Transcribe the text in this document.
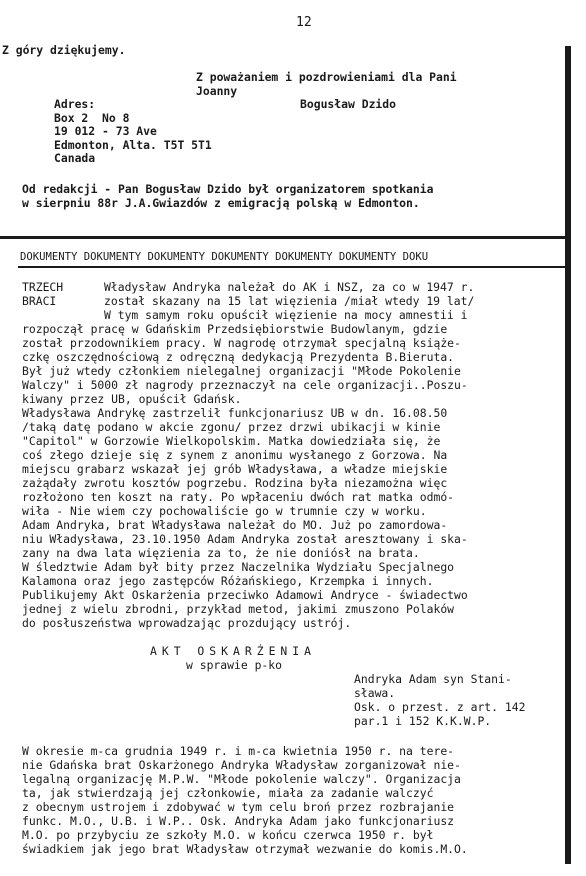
12
Z góry dziękujemy.
Z poważaniem i pozdrowieniami dla Pani
Joanny
Bogusław Dzido
Adres:
Box 2  No 8
19 012 - 73 Ave
Edmonton, Alta. T5T 5T1
Canada
Od redakcji - Pan Bogusław Dzido był organizatorem spotkania
w sierpniu 88r J.A.Gwiazdów z emigracją polską w Edmonton.
DOKUMENTY DOKUMENTY DOKUMENTY DOKUMENTY DOKUMENTY DOKUMENTY DOKU
TRZECH
BRACI
Władysław Andryka należał do AK i NSZ, za co w 1947 r.
został skazany na 15 lat więzienia /miał wtedy 19 lat/
W tym samym roku opuścił więzienie na mocy amnestii i
rozpoczął pracę w Gdańskim Przedsiębiorstwie Budowlanym, gdzie
został przodownikiem pracy. W nagrodę otrzymał specjalną książe-
czkę oszczędnościową z odręczną dedykacją Prezydenta B.Bieruta.
Był już wtedy członkiem nielegalnej organizacji "Młode Pokolenie
Walczy" i 5000 zł nagrody przeznaczył na cele organizacji..Poszu-
kiwany przez UB, opuścił Gdańsk.
Władysława Andrykę zastrzelił funkcjonariusz UB w dn. 16.08.50
/taką datę podano w akcie zgonu/ przez drzwi ubikacji w kinie
"Capitol" w Gorzowie Wielkopolskim. Matka dowiedziała się, że
coś złego dzieje się z synem z anonimu wysłanego z Gorzowa. Na
miejscu grabarz wskazał jej grób Władysława, a władze miejskie
zażądały zwrotu kosztów pogrzebu. Rodzina była niezamożna więc
rozłożono ten koszt na raty. Po wpłaceniu dwóch rat matka odmó-
wiła - Nie wiem czy pochowaliście go w trumnie czy w worku.
Adam Andryka, brat Władysława należał do MO. Już po zamordowa-
niu Władysława, 23.10.1950 Adam Andryka został aresztowany i ska-
zany na dwa lata więzienia za to, że nie doniósł na brata.
W śledztwie Adam był bity przez Naczelnika Wydziału Specjalnego
Kalamona oraz jego zastępców Różańskiego, Krzempka i innych.
Publikujemy Akt Oskarżenia przeciwko Adamowi Andryce - świadectwo
jednej z wielu zbrodni, przykład metod, jakimi zmuszono Polaków
do posłuszeństwa wprowadzając prozdujący ustrój.
AKT OSKARŻENIA
w sprawie p-ko
Andryka Adam syn Stani-
sława.
Osk. o przest. z art. 142
par.1 i 152 K.K.W.P.
W okresie m-ca grudnia 1949 r. i m-ca kwietnia 1950 r. na tere-
nie Gdańska brat Oskarżonego Andryka Władysław zorganizował nie-
legalną organizację M.P.W. "Młode pokolenie walczy". Organizacja
ta, jak stwierdzają jej członkowie, miała za zadanie walczyć
z obecnym ustrojem i zdobywać w tym celu broń przez rozbrajanie
funkc. M.O., U.B. i W.P.. Osk. Andryka Adam jako funkcjonariusz
M.O. po przybyciu ze szkoły M.O. w końcu czerwca 1950 r. był
świadkiem jak jego brat Władysław otrzymał wezwanie do komis.M.O.
